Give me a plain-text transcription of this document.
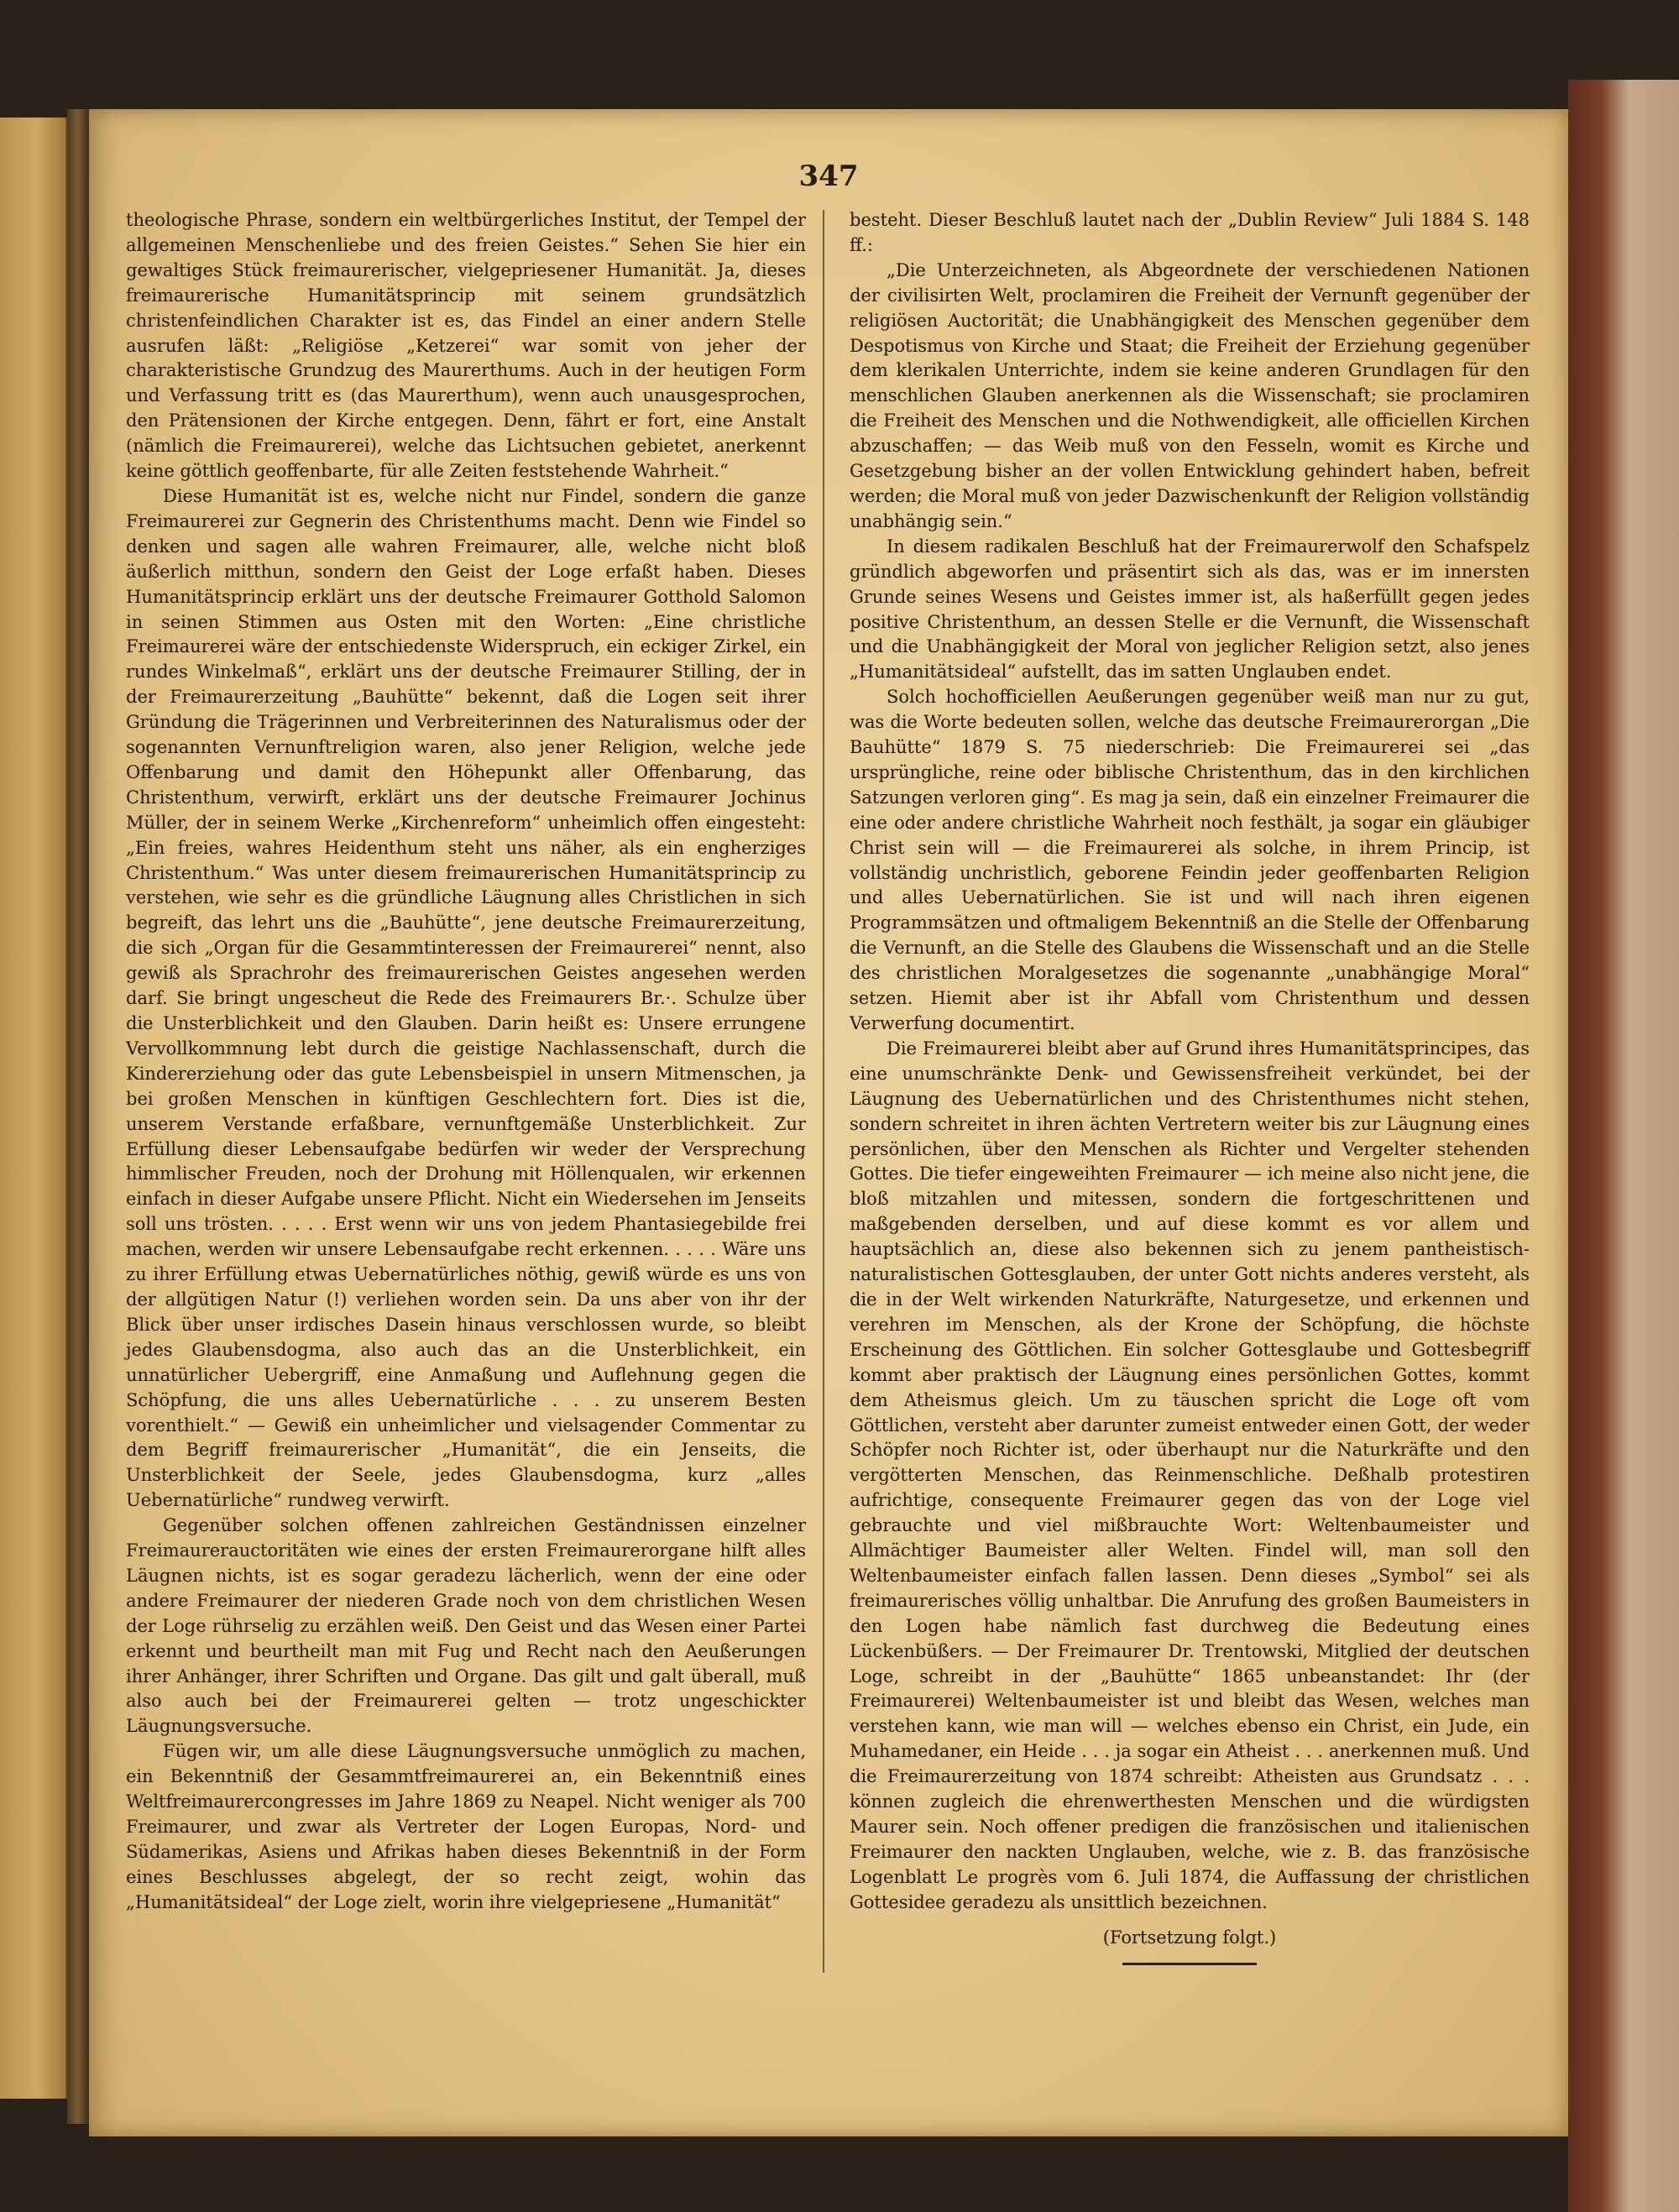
347

theologische Phrase, sondern ein weltbürgerliches Institut, der Tempel der allgemeinen Menschenliebe und des freien Geistes.“ Sehen Sie hier ein gewaltiges Stück freimaurerischer, vielgepriesener Humanität. Ja, dieses freimaurerische Humanitätsprincip mit seinem grundsätzlich christenfeindlichen Charakter ist es, das Findel an einer andern Stelle ausrufen läßt: „Religiöse „Ketzerei“ war somit von jeher der charakteristische Grundzug des Maurerthums. Auch in der heutigen Form und Verfassung tritt es (das Maurerthum), wenn auch unausgesprochen, den Prätensionen der Kirche entgegen. Denn, fährt er fort, eine Anstalt (nämlich die Freimaurerei), welche das Lichtsuchen gebietet, anerkennt keine göttlich geoffenbarte, für alle Zeiten feststehende Wahrheit.“

Diese Humanität ist es, welche nicht nur Findel, sondern die ganze Freimaurerei zur Gegnerin des Christenthums macht. Denn wie Findel so denken und sagen alle wahren Freimaurer, alle, welche nicht bloß äußerlich mitthun, sondern den Geist der Loge erfaßt haben. Dieses Humanitätsprincip erklärt uns der deutsche Freimaurer Gotthold Salomon in seinen Stimmen aus Osten mit den Worten: „Eine christliche Freimaurerei wäre der entschiedenste Widerspruch, ein eckiger Zirkel, ein rundes Winkelmaß“, erklärt uns der deutsche Freimaurer Stilling, der in der Freimaurerzeitung „Bauhütte“ bekennt, daß die Logen seit ihrer Gründung die Trägerinnen und Verbreiterinnen des Naturalismus oder der sogenannten Vernunftreligion waren, also jener Religion, welche jede Offenbarung und damit den Höhepunkt aller Offenbarung, das Christenthum, verwirft, erklärt uns der deutsche Freimaurer Jochinus Müller, der in seinem Werke „Kirchenreform“ unheimlich offen eingesteht: „Ein freies, wahres Heidenthum steht uns näher, als ein engherziges Christenthum.“ Was unter diesem freimaurerischen Humanitätsprincip zu verstehen, wie sehr es die gründliche Läugnung alles Christlichen in sich begreift, das lehrt uns die „Bauhütte“, jene deutsche Freimaurerzeitung, die sich „Organ für die Gesammtinteressen der Freimaurerei“ nennt, also gewiß als Sprachrohr des freimaurerischen Geistes angesehen werden darf. Sie bringt ungescheut die Rede des Freimaurers Br.·. Schulze über die Unsterblichkeit und den Glauben. Darin heißt es: Unsere errungene Vervollkommnung lebt durch die geistige Nachlassenschaft, durch die Kindererziehung oder das gute Lebensbeispiel in unsern Mitmenschen, ja bei großen Menschen in künftigen Geschlechtern fort. Dies ist die, unserem Verstande erfaßbare, vernunftgemäße Unsterblichkeit. Zur Erfüllung dieser Lebensaufgabe bedürfen wir weder der Versprechung himmlischer Freuden, noch der Drohung mit Höllenqualen, wir erkennen einfach in dieser Aufgabe unsere Pflicht. Nicht ein Wiedersehen im Jenseits soll uns trösten. . . . . Erst wenn wir uns von jedem Phantasiegebilde frei machen, werden wir unsere Lebensaufgabe recht erkennen. . . . . Wäre uns zu ihrer Erfüllung etwas Uebernatürliches nöthig, gewiß würde es uns von der allgütigen Natur (!) verliehen worden sein. Da uns aber von ihr der Blick über unser irdisches Dasein hinaus verschlossen wurde, so bleibt jedes Glaubensdogma, also auch das an die Unsterblichkeit, ein unnatürlicher Uebergriff, eine Anmaßung und Auflehnung gegen die Schöpfung, die uns alles Uebernatürliche . . . zu unserem Besten vorenthielt.“ — Gewiß ein unheimlicher und vielsagender Commentar zu dem Begriff freimaurerischer „Humanität“, die ein Jenseits, die Unsterblichkeit der Seele, jedes Glaubensdogma, kurz „alles Uebernatürliche“ rundweg verwirft.

Gegenüber solchen offenen zahlreichen Geständnissen einzelner Freimaurerauctoritäten wie eines der ersten Freimaurerorgane hilft alles Läugnen nichts, ist es sogar geradezu lächerlich, wenn der eine oder andere Freimaurer der niederen Grade noch von dem christlichen Wesen der Loge rührselig zu erzählen weiß. Den Geist und das Wesen einer Partei erkennt und beurtheilt man mit Fug und Recht nach den Aeußerungen ihrer Anhänger, ihrer Schriften und Organe. Das gilt und galt überall, muß also auch bei der Freimaurerei gelten — trotz ungeschickter Läugnungsversuche.

Fügen wir, um alle diese Läugnungsversuche unmöglich zu machen, ein Bekenntniß der Gesammtfreimaurerei an, ein Bekenntniß eines Weltfreimaurercongresses im Jahre 1869 zu Neapel. Nicht weniger als 700 Freimaurer, und zwar als Vertreter der Logen Europas, Nord- und Südamerikas, Asiens und Afrikas haben dieses Bekenntniß in der Form eines Beschlusses abgelegt, der so recht zeigt, wohin das „Humanitätsideal“ der Loge zielt, worin ihre vielgepriesene „Humanität“

besteht. Dieser Beschluß lautet nach der „Dublin Review“ Juli 1884 S. 148 ff.:

„Die Unterzeichneten, als Abgeordnete der verschiedenen Nationen der civilisirten Welt, proclamiren die Freiheit der Vernunft gegenüber der religiösen Auctorität; die Unabhängigkeit des Menschen gegenüber dem Despotismus von Kirche und Staat; die Freiheit der Erziehung gegenüber dem klerikalen Unterrichte, indem sie keine anderen Grundlagen für den menschlichen Glauben anerkennen als die Wissenschaft; sie proclamiren die Freiheit des Menschen und die Nothwendigkeit, alle officiellen Kirchen abzuschaffen; — das Weib muß von den Fesseln, womit es Kirche und Gesetzgebung bisher an der vollen Entwicklung gehindert haben, befreit werden; die Moral muß von jeder Dazwischenkunft der Religion vollständig unabhängig sein.“

In diesem radikalen Beschluß hat der Freimaurerwolf den Schafspelz gründlich abgeworfen und präsentirt sich als das, was er im innersten Grunde seines Wesens und Geistes immer ist, als haßerfüllt gegen jedes positive Christenthum, an dessen Stelle er die Vernunft, die Wissenschaft und die Unabhängigkeit der Moral von jeglicher Religion setzt, also jenes „Humanitätsideal“ aufstellt, das im satten Unglauben endet.

Solch hochofficiellen Aeußerungen gegenüber weiß man nur zu gut, was die Worte bedeuten sollen, welche das deutsche Freimaurerorgan „Die Bauhütte“ 1879 S. 75 niederschrieb: Die Freimaurerei sei „das ursprüngliche, reine oder biblische Christenthum, das in den kirchlichen Satzungen verloren ging“. Es mag ja sein, daß ein einzelner Freimaurer die eine oder andere christliche Wahrheit noch festhält, ja sogar ein gläubiger Christ sein will — die Freimaurerei als solche, in ihrem Princip, ist vollständig unchristlich, geborene Feindin jeder geoffenbarten Religion und alles Uebernatürlichen. Sie ist und will nach ihren eigenen Programmsätzen und oftmaligem Bekenntniß an die Stelle der Offenbarung die Vernunft, an die Stelle des Glaubens die Wissenschaft und an die Stelle des christlichen Moralgesetzes die sogenannte „unabhängige Moral“ setzen. Hiemit aber ist ihr Abfall vom Christenthum und dessen Verwerfung documentirt.

Die Freimaurerei bleibt aber auf Grund ihres Humanitätsprincipes, das eine unumschränkte Denk- und Gewissensfreiheit verkündet, bei der Läugnung des Uebernatürlichen und des Christenthumes nicht stehen, sondern schreitet in ihren ächten Vertretern weiter bis zur Läugnung eines persönlichen, über den Menschen als Richter und Vergelter stehenden Gottes. Die tiefer eingeweihten Freimaurer — ich meine also nicht jene, die bloß mitzahlen und mitessen, sondern die fortgeschrittenen und maßgebenden derselben, und auf diese kommt es vor allem und hauptsächlich an, diese also bekennen sich zu jenem pantheistisch-naturalistischen Gottesglauben, der unter Gott nichts anderes versteht, als die in der Welt wirkenden Naturkräfte, Naturgesetze, und erkennen und verehren im Menschen, als der Krone der Schöpfung, die höchste Erscheinung des Göttlichen. Ein solcher Gottesglaube und Gottesbegriff kommt aber praktisch der Läugnung eines persönlichen Gottes, kommt dem Atheismus gleich. Um zu täuschen spricht die Loge oft vom Göttlichen, versteht aber darunter zumeist entweder einen Gott, der weder Schöpfer noch Richter ist, oder überhaupt nur die Naturkräfte und den vergötterten Menschen, das Reinmenschliche. Deßhalb protestiren aufrichtige, consequente Freimaurer gegen das von der Loge viel gebrauchte und viel mißbrauchte Wort: Weltenbaumeister und Allmächtiger Baumeister aller Welten. Findel will, man soll den Weltenbaumeister einfach fallen lassen. Denn dieses „Symbol“ sei als freimaurerisches völlig unhaltbar. Die Anrufung des großen Baumeisters in den Logen habe nämlich fast durchweg die Bedeutung eines Lückenbüßers. — Der Freimaurer Dr. Trentowski, Mitglied der deutschen Loge, schreibt in der „Bauhütte“ 1865 unbeanstandet: Ihr (der Freimaurerei) Weltenbaumeister ist und bleibt das Wesen, welches man verstehen kann, wie man will — welches ebenso ein Christ, ein Jude, ein Muhamedaner, ein Heide . . . ja sogar ein Atheist . . . anerkennen muß. Und die Freimaurerzeitung von 1874 schreibt: Atheisten aus Grundsatz . . . können zugleich die ehrenwerthesten Menschen und die würdigsten Maurer sein. Noch offener predigen die französischen und italienischen Freimaurer den nackten Unglauben, welche, wie z. B. das französische Logenblatt Le progrès vom 6. Juli 1874, die Auffassung der christlichen Gottesidee geradezu als unsittlich bezeichnen.

(Fortsetzung folgt.)
